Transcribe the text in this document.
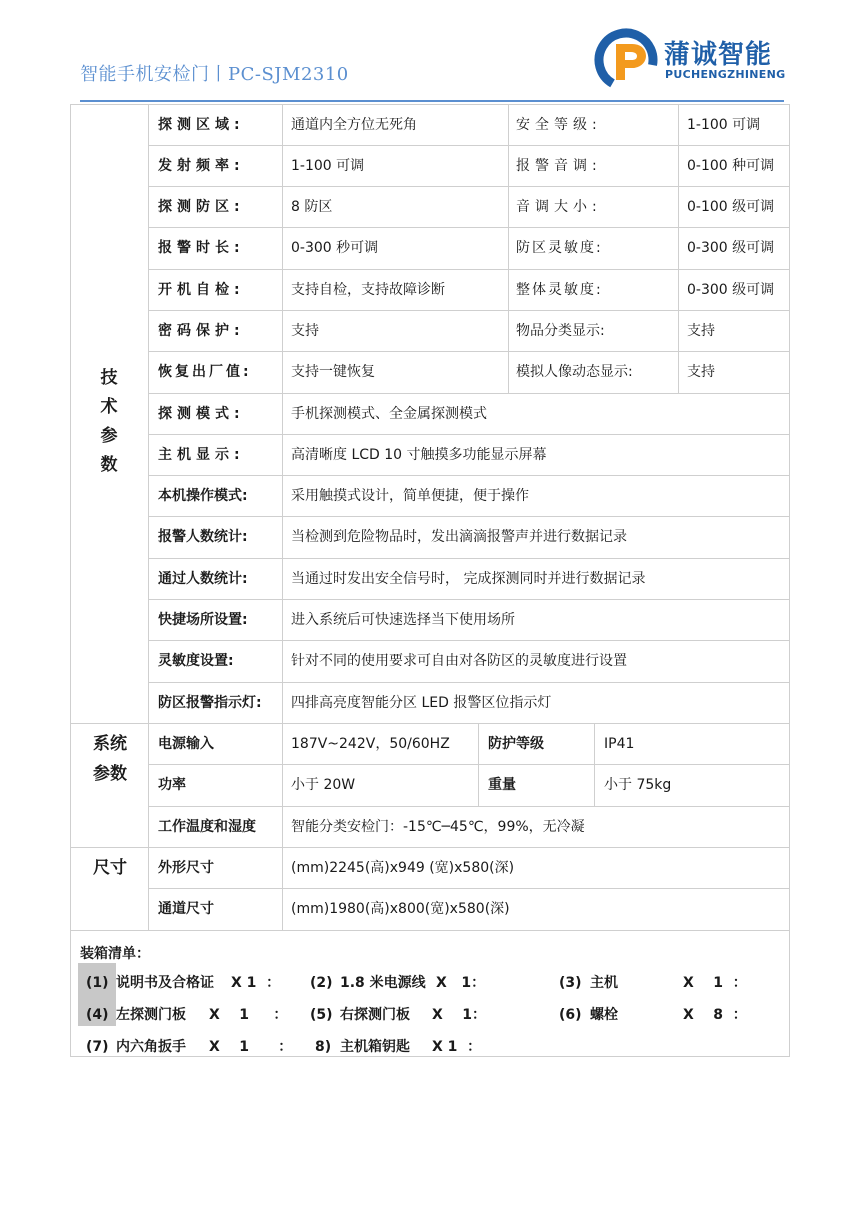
智能手机安检门丨PC-SJM2310
蒲诚智能
PUCHENGZHINENG
技
术
参
数
系统
参数
尺寸
探测区域:	通道内全方位无死角	安全等级:	1-100 可调
发射频率:	1-100 可调	报警音调:	0-100 种可调
探测防区:	8 防区	音调大小:	0-100 级可调
报警时长:	0-300 秒可调	防区灵敏度:	0-300 级可调
开机自检:	支持自检，支持故障诊断	整体灵敏度:	0-300 级可调
密码保护:	支持	物品分类显示:	支持
恢复出厂值:	支持一键恢复	模拟人像动态显示:	支持
探测模式:	手机探测模式、全金属探测模式
主机显示:	高清晰度 LCD 10 寸触摸多功能显示屏幕
本机操作模式:	采用触摸式设计，简单便捷，便于操作
报警人数统计:	当检测到危险物品时，发出滴滴报警声并进行数据记录
通过人数统计:	当通过时发出安全信号时， 完成探测同时并进行数据记录
快捷场所设置:	进入系统后可快速选择当下使用场所
灵敏度设置:	针对不同的使用要求可自由对各防区的灵敏度进行设置
防区报警指示灯: 四排高亮度智能分区 LED 报警区位指示灯
电源输入	187V~242V，50/60HZ	防护等级	IP41
功率	小于 20W	重量	小于 75kg
工作温度和湿度	智能分类安检门：-15℃─45℃，99%，无冷凝
外形尺寸	(mm)2245(高)x949 (宽)x580(深)
通道尺寸	(mm)1980(高)x800(宽)x580(深)
装箱清单：
(1) 说明书及合格证 X 1  ： (2) 1.8 米电源线 X   1：	(3) 主机	X    1  ：
(4) 左探测门板 X    1     ： (5) 右探测门板 X    1：	(6) 螺栓	X    8  ：
(7) 内六角扳手 X    1      ： 8) 主机箱钥匙 X 1  ：
